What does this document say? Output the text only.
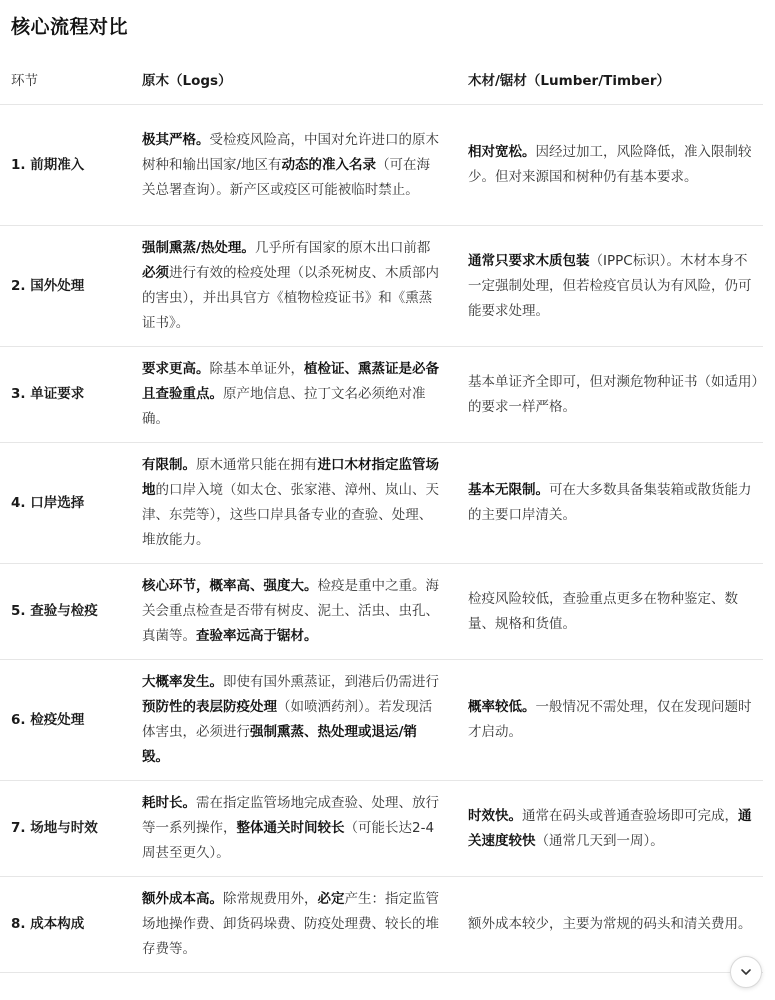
核心流程对比
环节	原木（Logs）	木材/锯材（Lumber/Timber）
1. 前期准入	极其严格。受检疫风险高，中国对允许进口的原木树种和输出国家/地区有动态的准入名录（可在海关总署查询）。新产区或疫区可能被临时禁止。	相对宽松。因经过加工，风险降低，准入限制较少。但对来源国和树种仍有基本要求。
2. 国外处理	强制熏蒸/热处理。几乎所有国家的原木出口前都必须进行有效的检疫处理（以杀死树皮、木质部内的害虫），并出具官方《植物检疫证书》和《熏蒸证书》。	通常只要求木质包装（IPPC标识）。木材本身不一定强制处理，但若检疫官员认为有风险，仍可能要求处理。
3. 单证要求	要求更高。除基本单证外，植检证、熏蒸证是必备且查验重点。原产地信息、拉丁文名必须绝对准确。	基本单证齐全即可，但对濒危物种证书（如适用）的要求一样严格。
4. 口岸选择	有限制。原木通常只能在拥有进口木材指定监管场地的口岸入境（如太仓、张家港、漳州、岚山、天津、东莞等），这些口岸具备专业的查验、处理、堆放能力。	基本无限制。可在大多数具备集装箱或散货能力的主要口岸清关。
5. 查验与检疫	核心环节，概率高、强度大。检疫是重中之重。海关会重点检查是否带有树皮、泥土、活虫、虫孔、真菌等。查验率远高于锯材。	检疫风险较低，查验重点更多在物种鉴定、数量、规格和货值。
6. 检疫处理	大概率发生。即使有国外熏蒸证，到港后仍需进行预防性的表层防疫处理（如喷洒药剂）。若发现活体害虫，必须进行强制熏蒸、热处理或退运/销毁。	概率较低。一般情况不需处理，仅在发现问题时才启动。
7. 场地与时效	耗时长。需在指定监管场地完成查验、处理、放行等一系列操作，整体通关时间较长（可能长达2-4周甚至更久）。	时效快。通常在码头或普通查验场即可完成，通关速度较快（通常几天到一周）。
8. 成本构成	额外成本高。除常规费用外，必定产生：指定监管场地操作费、卸货码垛费、防疫处理费、较长的堆存费等。	额外成本较少，主要为常规的码头和清关费用。
